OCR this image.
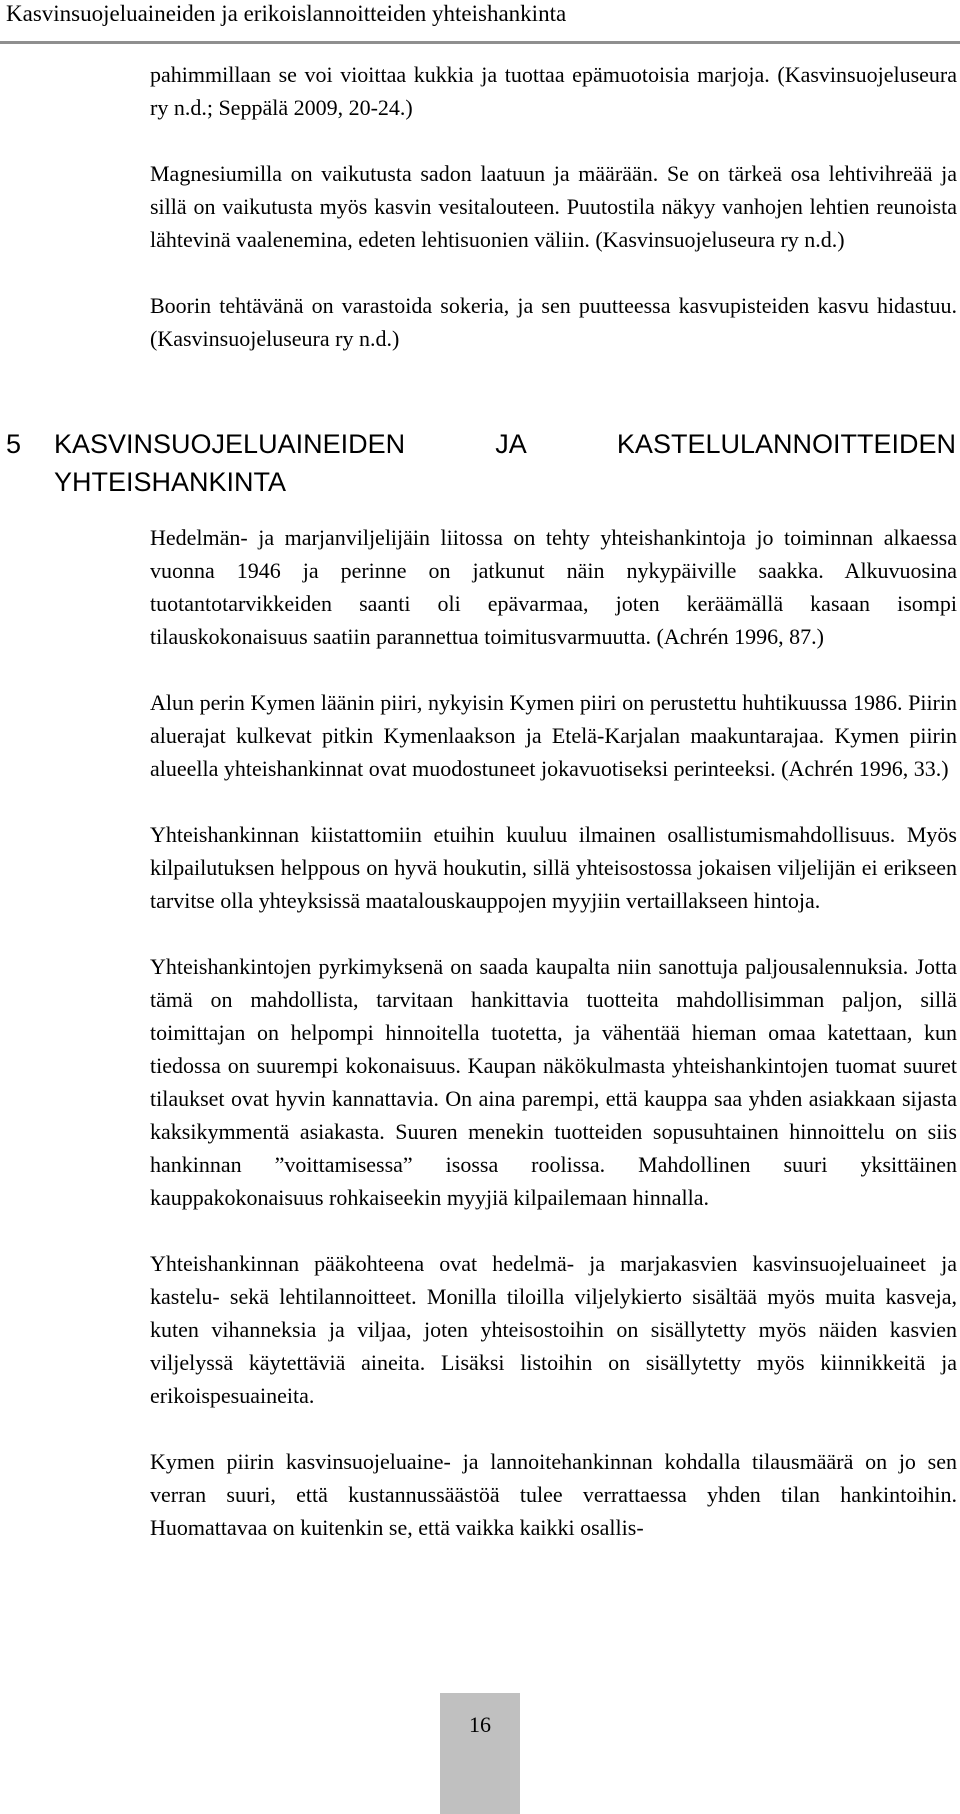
Kasvinsuojeluaineiden ja erikoislannoitteiden yhteishankinta

pahimmillaan se voi vioittaa kukkia ja tuottaa epämuotoisia marjoja. (Kasvinsuojeluseura ry n.d.; Seppälä 2009, 20-24.)

Magnesiumilla on vaikutusta sadon laatuun ja määrään. Se on tärkeä osa lehtivihreää ja sillä on vaikutusta myös kasvin vesitalouteen. Puutostila näkyy vanhojen lehtien reunoista lähtevinä vaalenemina, edeten lehtisuonien väliin. (Kasvinsuojeluseura ry n.d.)

Boorin tehtävänä on varastoida sokeria, ja sen puutteessa kasvupisteiden kasvu hidastuu. (Kasvinsuojeluseura ry n.d.)

5 KASVINSUOJELUAINEIDEN	JA	KASTELULANNOITTEIDEN
YHTEISHANKINTA

Hedelmän- ja marjanviljelijäin liitossa on tehty yhteishankintoja jo toiminnan alkaessa vuonna 1946 ja perinne on jatkunut näin nykypäiville saakka. Alkuvuosina tuotantotarvikkeiden saanti oli epävarmaa, joten keräämällä kasaan isompi tilauskokonaisuus saatiin parannettua toimitusvarmuutta. (Achrén 1996, 87.)

Alun perin Kymen läänin piiri, nykyisin Kymen piiri on perustettu huhtikuussa 1986. Piirin aluerajat kulkevat pitkin Kymenlaakson ja Etelä-Karjalan maakuntarajaa. Kymen piirin alueella yhteishankinnat ovat muodostuneet jokavuotiseksi perinteeksi. (Achrén 1996, 33.)

Yhteishankinnan kiistattomiin etuihin kuuluu ilmainen osallistumismahdollisuus. Myös kilpailutuksen helppous on hyvä houkutin, sillä yhteisostossa jokaisen viljelijän ei erikseen tarvitse olla yhteyksissä maatalouskauppojen myyjiin vertaillakseen hintoja.

Yhteishankintojen pyrkimyksenä on saada kaupalta niin sanottuja paljousalennuksia. Jotta tämä on mahdollista, tarvitaan hankittavia tuotteita mahdollisimman paljon, sillä toimittajan on helpompi hinnoitella tuotetta, ja vähentää hieman omaa katettaan, kun tiedossa on suurempi kokonaisuus. Kaupan näkökulmasta yhteishankintojen tuomat suuret tilaukset ovat hyvin kannattavia. On aina parempi, että kauppa saa yhden asiakkaan sijasta kaksikymmentä asiakasta. Suuren menekin tuotteiden sopusuhtainen hinnoittelu on siis hankinnan ”voittamisessa” isossa roolissa. Mahdollinen suuri yksittäinen kauppakokonaisuus rohkaiseekin myyjiä kilpailemaan hinnalla.

Yhteishankinnan pääkohteena ovat hedelmä- ja marjakasvien kasvinsuojeluaineet ja kastelu- sekä lehtilannoitteet. Monilla tiloilla viljelykierto sisältää myös muita kasveja, kuten vihanneksia ja viljaa, joten yhteisostoihin on sisällytetty myös näiden kasvien viljelyssä käytettäviä aineita. Lisäksi listoihin on sisällytetty myös kiinnikkeitä ja erikoispesuaineita.

Kymen piirin kasvinsuojeluaine- ja lannoitehankinnan kohdalla tilausmäärä on jo sen verran suuri, että kustannussäästöä tulee verrattaessa yhden tilan hankintoihin. Huomattavaa on kuitenkin se, että vaikka kaikki osallis-

16
